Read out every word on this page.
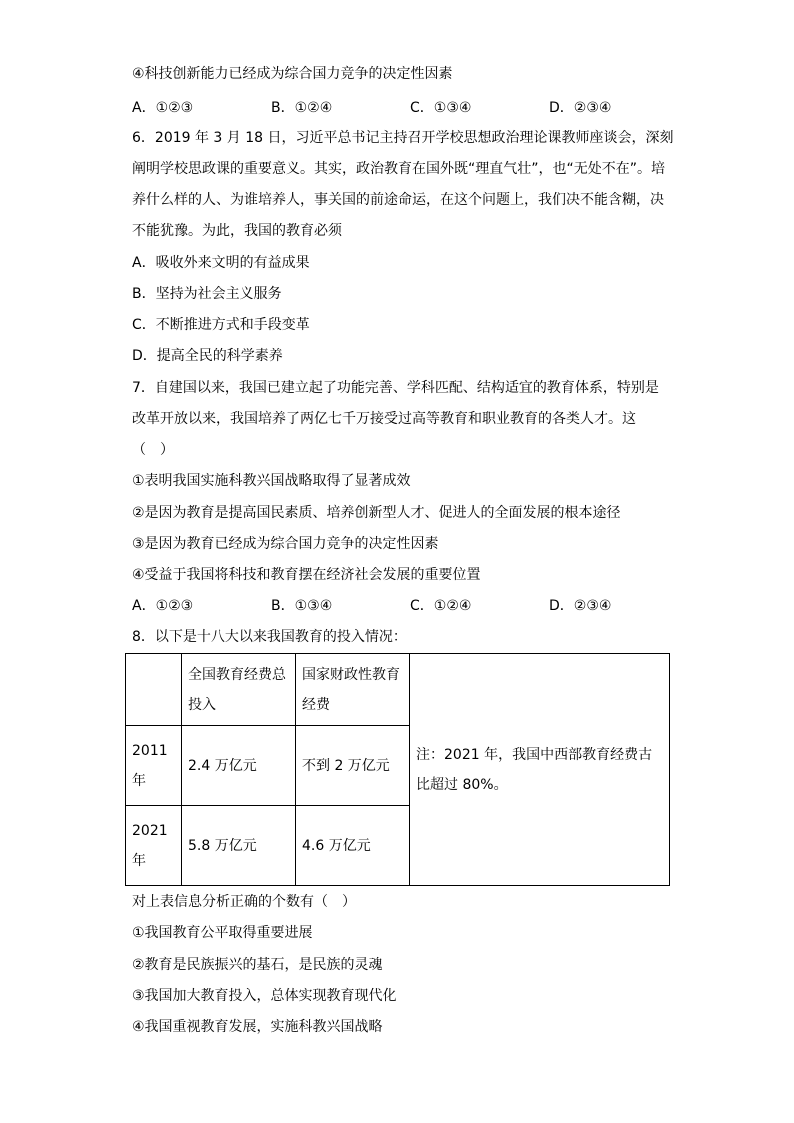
④科技创新能力已经成为综合国力竞争的决定性因素
A．①②③	B．①②④	C．①③④	D．②③④
6．2019 年 3 月 18 日，习近平总书记主持召开学校思想政治理论课教师座谈会，深刻
阐明学校思政课的重要意义。其实，政治教育在国外既“理直气壮”，也“无处不在”。培
养什么样的人、为谁培养人，事关国的前途命运，在这个问题上，我们决不能含糊，决
不能犹豫。为此，我国的教育必须
A．吸收外来文明的有益成果
B．坚持为社会主义服务
C．不断推进方式和手段变革
D．提高全民的科学素养
7．自建国以来，我国已建立起了功能完善、学科匹配、结构适宜的教育体系，特别是
改革开放以来，我国培养了两亿七千万接受过高等教育和职业教育的各类人才。这
（　）
①表明我国实施科教兴国战略取得了显著成效
②是因为教育是提高国民素质、培养创新型人才、促进人的全面发展的根本途径
③是因为教育已经成为综合国力竞争的决定性因素
④受益于我国将科技和教育摆在经济社会发展的重要位置
A．①②③	B．①③④	C．①②④	D．②③④
8．以下是十八大以来我国教育的投入情况：

	全国教育经费总投入	国家财政性教育经费	注：2021 年，我国中西部教育经费古比超过 80%。

2011 年	2.4 万亿元	不到 2 万亿元	

2021 年	5.8 万亿元	4.6 万亿元	
对上表信息分析正确的个数有（　）
①我国教育公平取得重要进展
②教育是民族振兴的基石，是民族的灵魂
③我国加大教育投入，总体实现教育现代化
④我国重视教育发展，实施科教兴国战略
